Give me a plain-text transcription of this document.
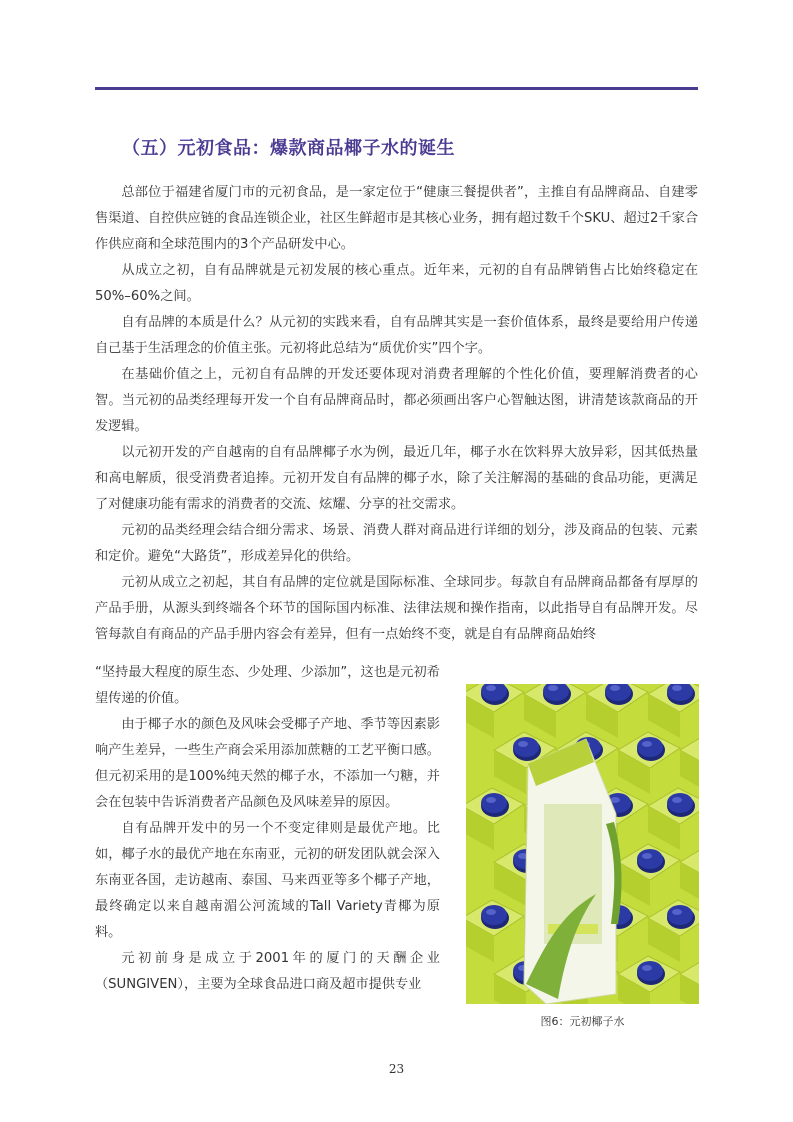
（五）元初食品：爆款商品椰子水的诞生

总部位于福建省厦门市的元初食品，是一家定位于“健康三餐提供者”，主推自有品牌商品、自建零售渠道、自控供应链的食品连锁企业，社区生鲜超市是其核心业务，拥有超过数千个SKU、超过2千家合作供应商和全球范围内的3个产品研发中心。

从成立之初，自有品牌就是元初发展的核心重点。近年来，元初的自有品牌销售占比始终稳定在50%–60%之间。

自有品牌的本质是什么？从元初的实践来看，自有品牌其实是一套价值体系，最终是要给用户传递自己基于生活理念的价值主张。元初将此总结为“质优价实”四个字。

在基础价值之上，元初自有品牌的开发还要体现对消费者理解的个性化价值，要理解消费者的心智。当元初的品类经理每开发一个自有品牌商品时，都必须画出客户心智触达图，讲清楚该款商品的开发逻辑。

以元初开发的产自越南的自有品牌椰子水为例，最近几年，椰子水在饮料界大放异彩，因其低热量和高电解质，很受消费者追捧。元初开发自有品牌的椰子水，除了关注解渴的基础的食品功能，更满足了对健康功能有需求的消费者的交流、炫耀、分享的社交需求。

元初的品类经理会结合细分需求、场景、消费人群对商品进行详细的划分，涉及商品的包装、元素和定价。避免“大路货”，形成差异化的供给。

元初从成立之初起，其自有品牌的定位就是国际标准、全球同步。每款自有品牌商品都备有厚厚的产品手册，从源头到终端各个环节的国际国内标准、法律法规和操作指南，以此指导自有品牌开发。尽管每款自有商品的产品手册内容会有差异，但有一点始终不变，就是自有品牌商品始终

“坚持最大程度的原生态、少处理、少添加”，这也是元初希望传递的价值。

由于椰子水的颜色及风味会受椰子产地、季节等因素影响产生差异，一些生产商会采用添加蔗糖的工艺平衡口感。但元初采用的是100%纯天然的椰子水，不添加一勺糖，并会在包装中告诉消费者产品颜色及风味差异的原因。

自有品牌开发中的另一个不变定律则是最优产地。比如，椰子水的最优产地在东南亚，元初的研发团队就会深入东南亚各国，走访越南、泰国、马来西亚等多个椰子产地，最终确定以来自越南湄公河流域的Tall Variety青椰为原料。

元初前身是成立于2001年的厦门的天酬企业（SUNGIVEN），主要为全球食品进口商及超市提供专业

图6：元初椰子水

23
